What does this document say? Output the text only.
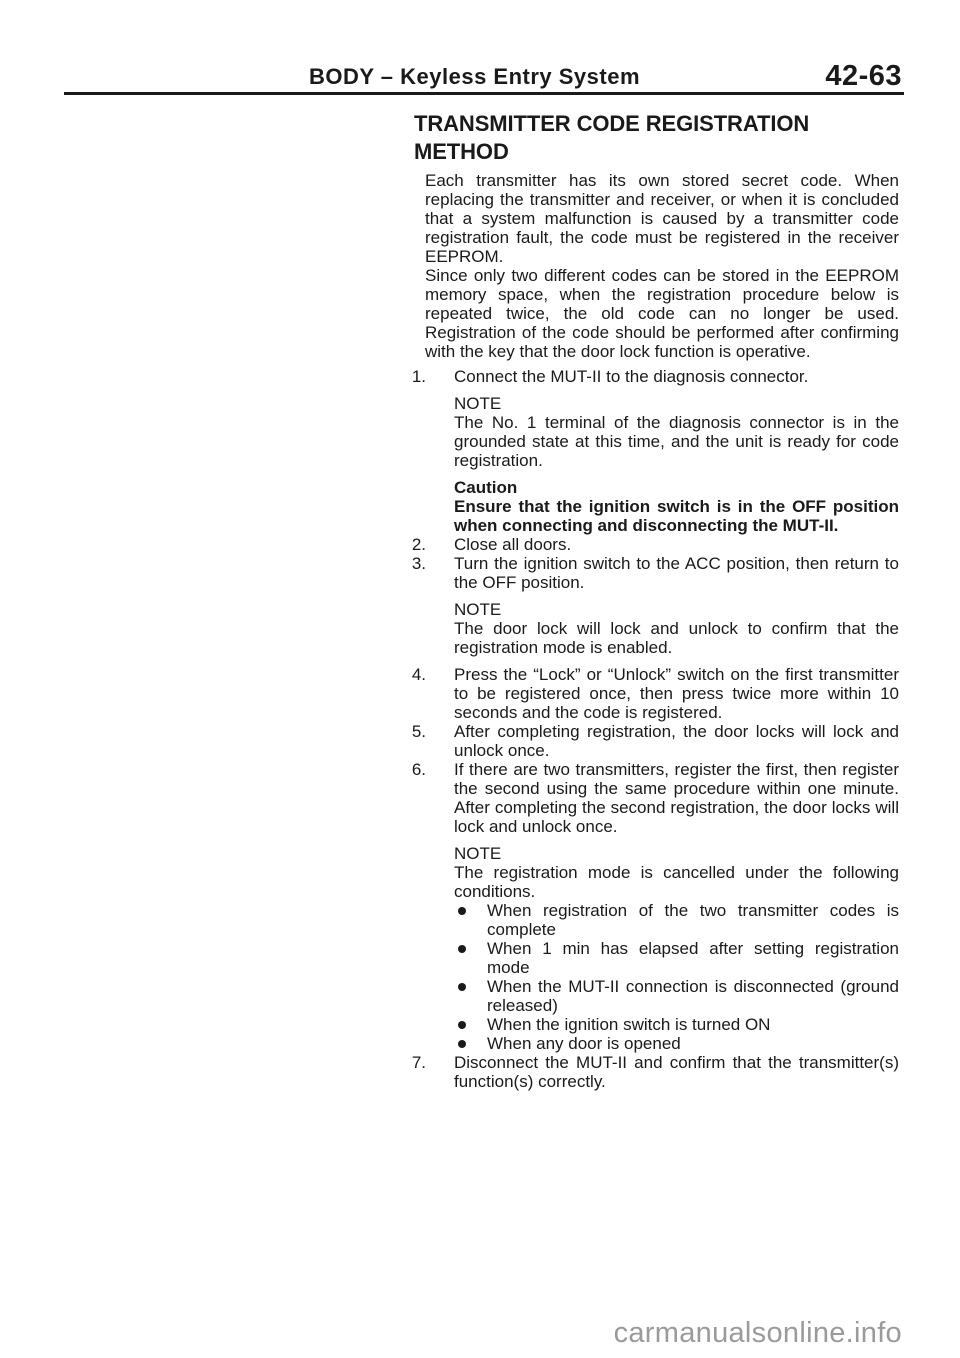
BODY – Keyless Entry System	42-63
TRANSMITTER CODE REGISTRATION METHOD

Each transmitter has its own stored secret code. When replacing the transmitter and receiver, or when it is concluded that a system malfunction is caused by a transmitter code registration fault, the code must be registered in the receiver EEPROM.

Since only two different codes can be stored in the EEPROM memory space, when the registration procedure below is repeated twice, the old code can no longer be used. Registration of the code should be performed after confirming with the key that the door lock function is operative.

1. Connect the MUT-II to the diagnosis connector.
NOTE
The No. 1 terminal of the diagnosis connector is in the grounded state at this time, and the unit is ready for code registration.
Caution
Ensure that the ignition switch is in the OFF position when connecting and disconnecting the MUT-II.
2. Close all doors.
3. Turn the ignition switch to the ACC position, then return to the OFF position.
NOTE
The door lock will lock and unlock to confirm that the registration mode is enabled.
4. Press the “Lock” or “Unlock” switch on the first transmitter to be registered once, then press twice more within 10 seconds and the code is registered.
5. After completing registration, the door locks will lock and unlock once.
6. If there are two transmitters, register the first, then register the second using the same procedure within one minute. After completing the second registration, the door locks will lock and unlock once.
NOTE
The registration mode is cancelled under the following conditions.
When registration of the two transmitter codes is complete
When 1 min has elapsed after setting registration mode
When the MUT-II connection is disconnected (ground released)
When the ignition switch is turned ON
When any door is opened
7. Disconnect the MUT-II and confirm that the transmitter(s) function(s) correctly.
carmanualsonline.info
